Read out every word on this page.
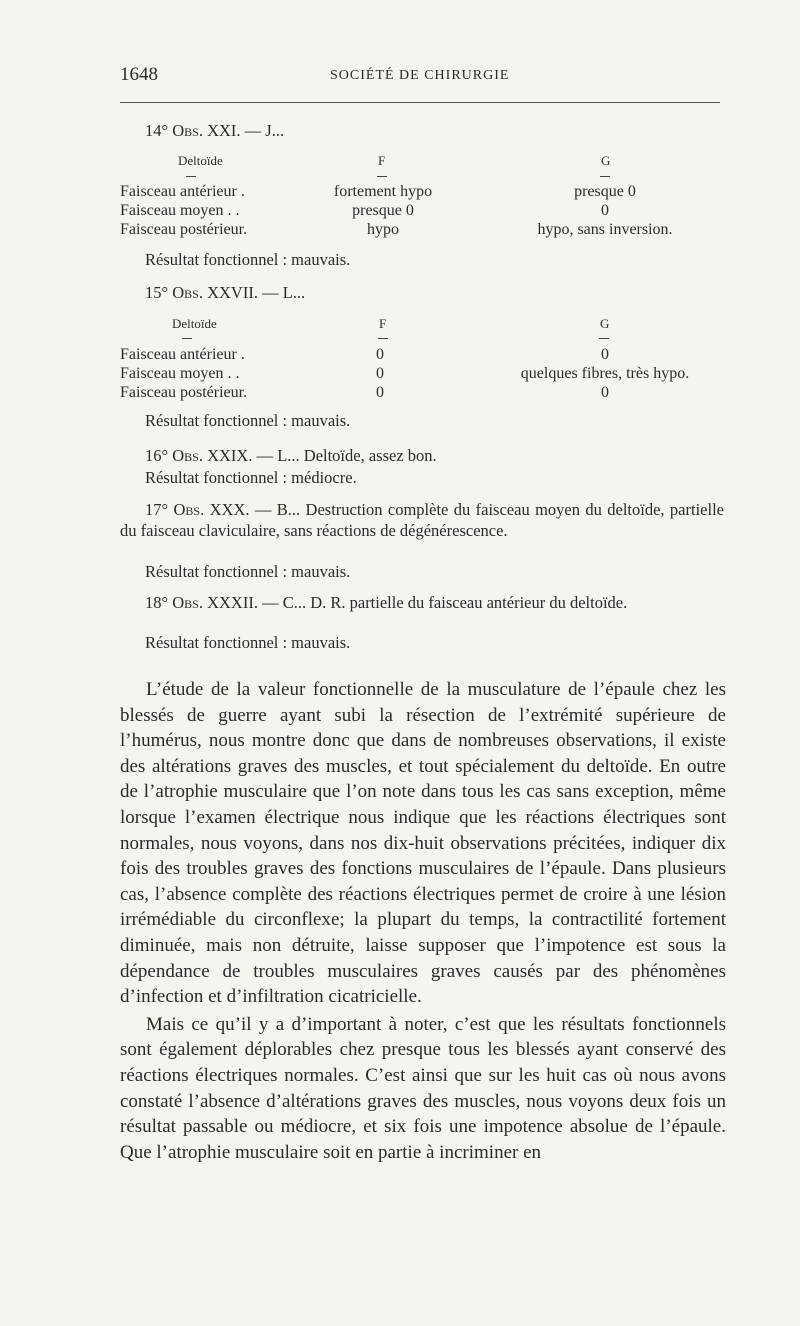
1648	SOCIÉTÉ DE CHIRURGIE
14° Obs. XXI. — J...
Deltoïde	F	G
Faisceau antérieur .	fortement hypo	presque 0
Faisceau moyen . .	presque 0	0
Faisceau postérieur.	hypo	hypo, sans inversion.
Résultat fonctionnel : mauvais.
15° Obs. XXVII. — L...
Deltoïde	F	G
Faisceau antérieur .	0	0
Faisceau moyen . .	0	quelques fibres, très hypo.
Faisceau postérieur.	0	0
Résultat fonctionnel : mauvais.
16° Obs. XXIX. — L... Deltoïde, assez bon.
Résultat fonctionnel : médiocre.
17° Obs. XXX. — B... Destruction complète du faisceau moyen du deltoïde, partielle du faisceau claviculaire, sans réactions de dégénérescence.
Résultat fonctionnel : mauvais.
18° Obs. XXXII. — C... D. R. partielle du faisceau antérieur du deltoïde.
Résultat fonctionnel : mauvais.

L’étude de la valeur fonctionnelle de la musculature de l’épaule chez les blessés de guerre ayant subi la résection de l’extrémité supérieure de l’humérus, nous montre donc que dans de nombreuses observations, il existe des altérations graves des muscles, et tout spécialement du deltoïde. En outre de l’atrophie musculaire que l’on note dans tous les cas sans exception, même lorsque l’examen électrique nous indique que les réactions électriques sont normales, nous voyons, dans nos dix-huit observations précitées, indiquer dix fois des troubles graves des fonctions musculaires de l’épaule. Dans plusieurs cas, l’absence complète des réactions électriques permet de croire à une lésion irrémédiable du circonflexe; la plupart du temps, la contractilité fortement diminuée, mais non détruite, laisse supposer que l’impotence est sous la dépendance de troubles musculaires graves causés par des phénomènes d’infection et d’infiltration cicatricielle.

Mais ce qu’il y a d’important à noter, c’est que les résultats fonctionnels sont également déplorables chez presque tous les blessés ayant conservé des réactions électriques normales. C’est ainsi que sur les huit cas où nous avons constaté l’absence d’altérations graves des muscles, nous voyons deux fois un résultat passable ou médiocre, et six fois une impotence absolue de l’épaule. Que l’atrophie musculaire soit en partie à incriminer en
